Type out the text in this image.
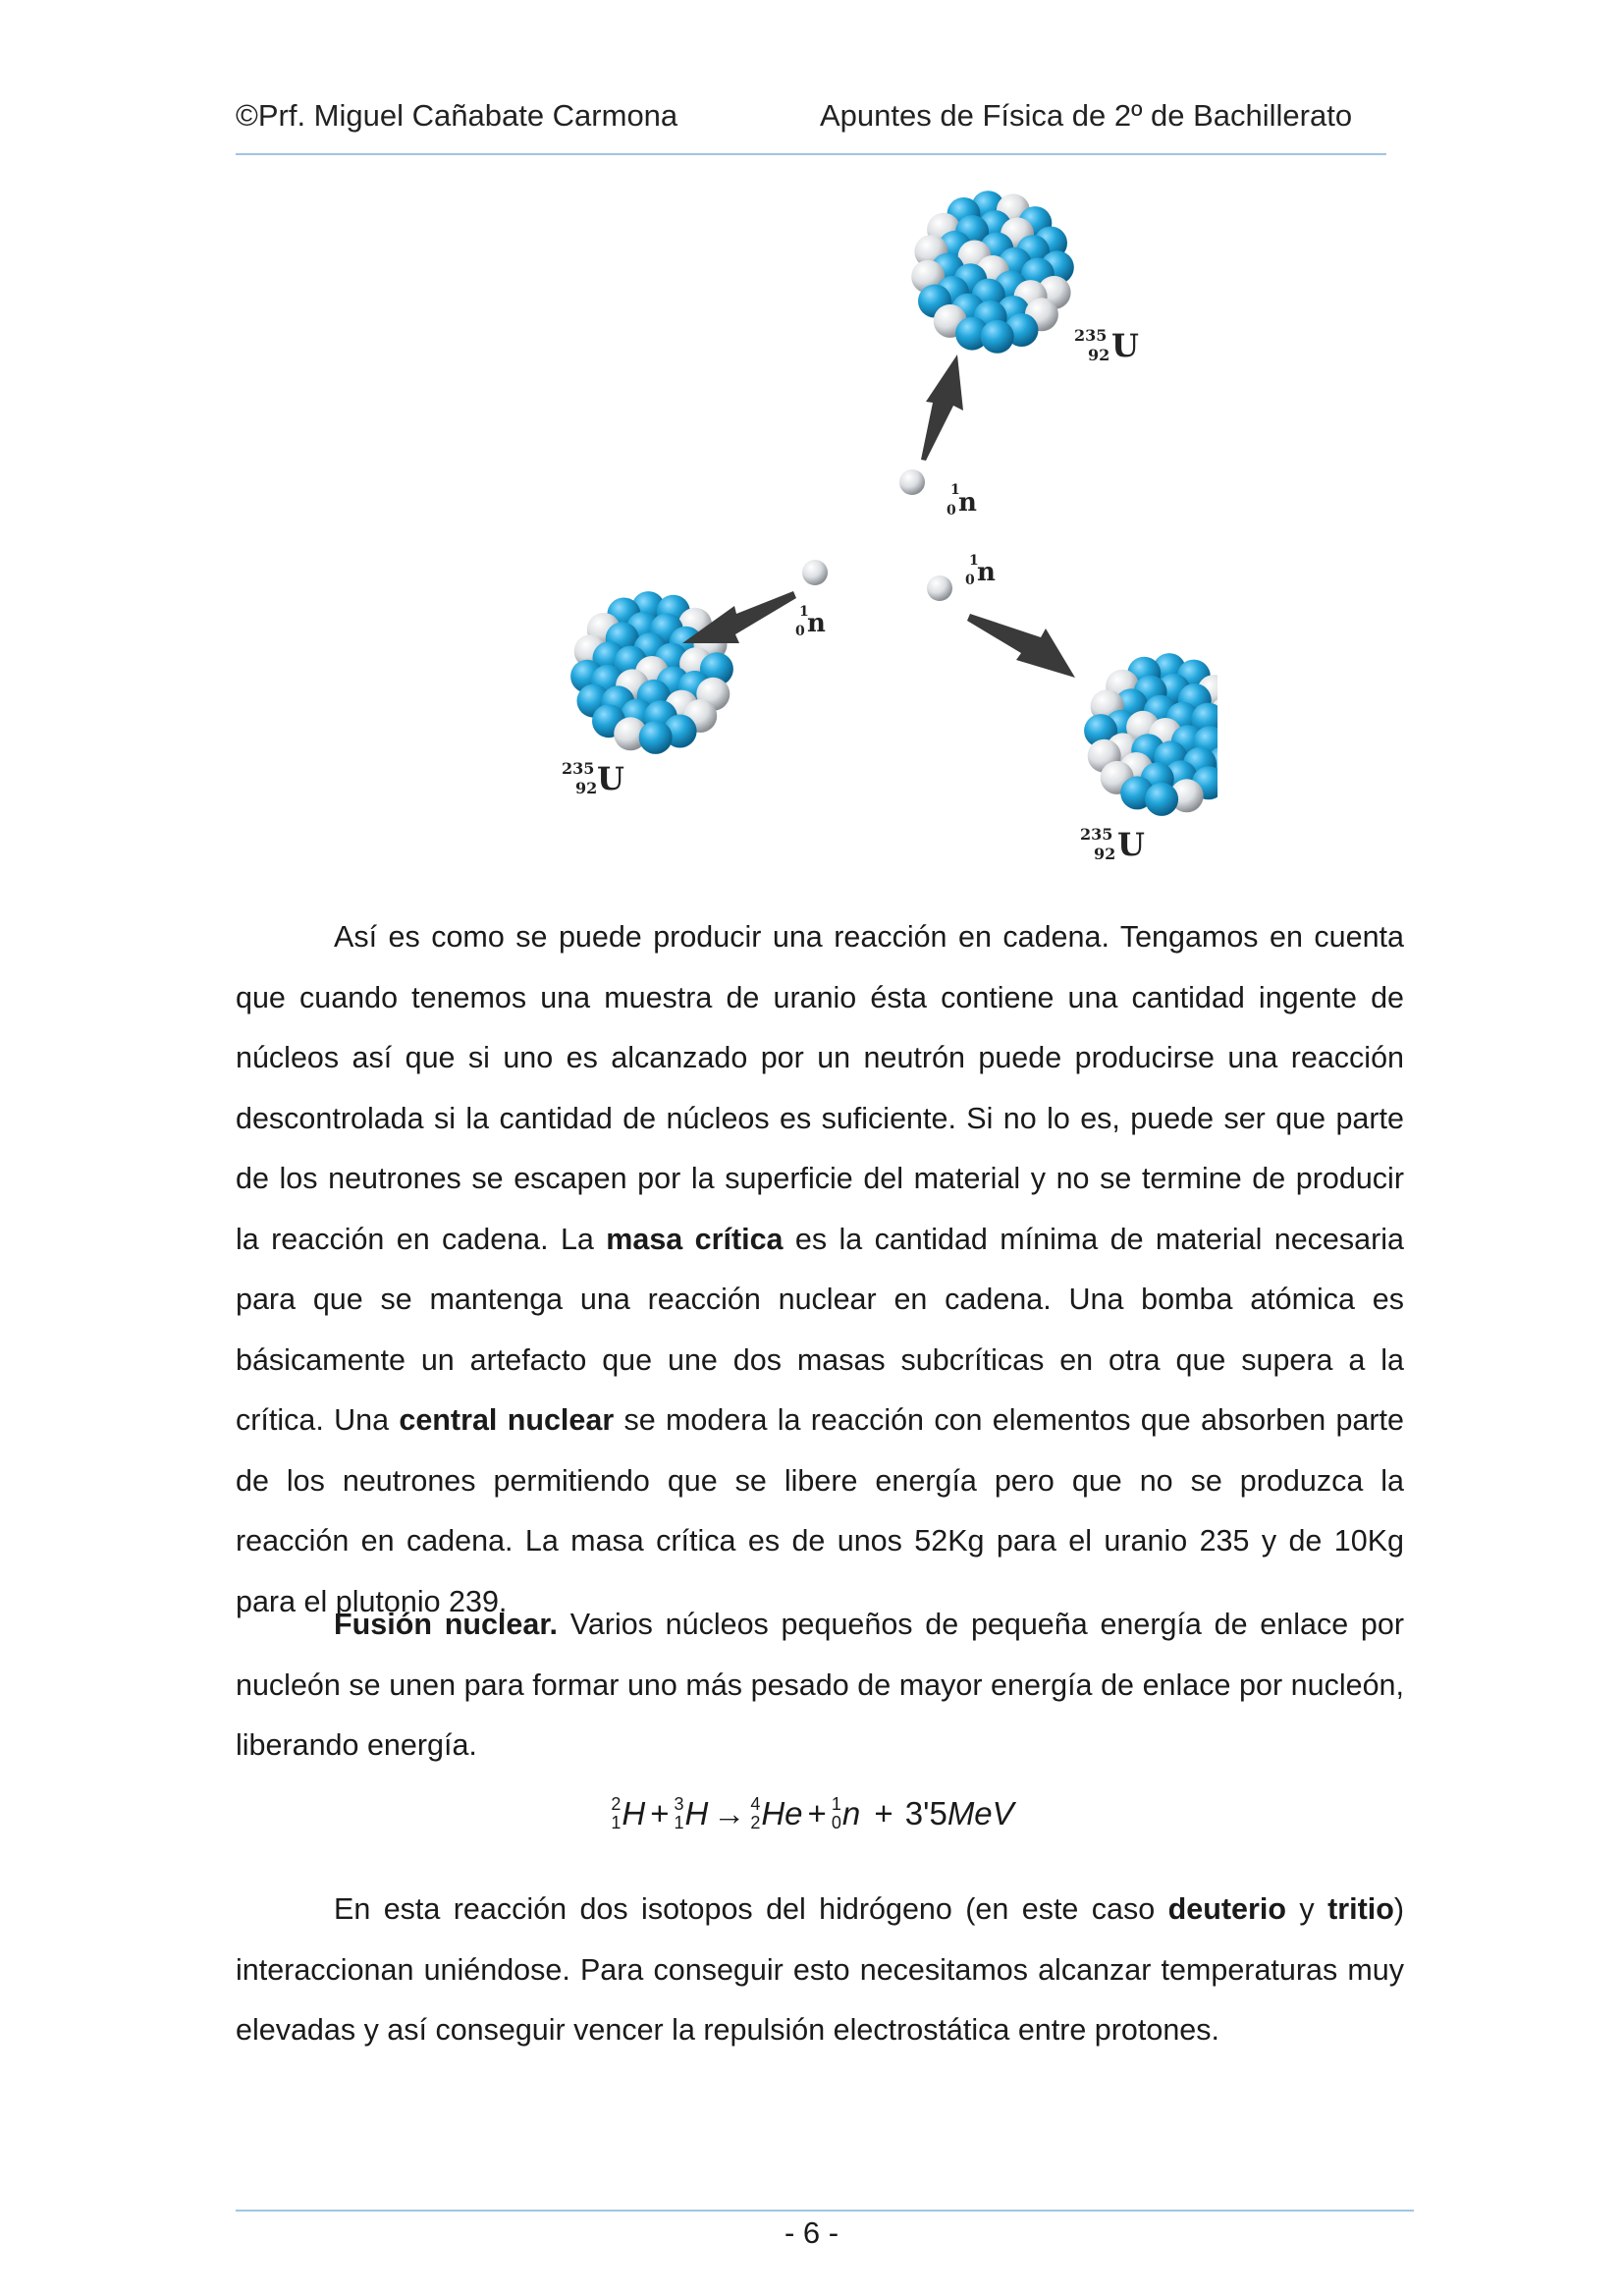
©Prf. Miguel Cañabate Carmona	Apuntes de Física de 2º de Bachillerato
1
0 n
1
0 n
1
0 n
235
92 U
235
92 U
235
92 U

Así es como se puede producir una reacción en cadena. Tengamos en cuenta que cuando tenemos una muestra de uranio ésta contiene una cantidad ingente de núcleos así que si uno es alcanzado por un neutrón puede producirse una reacción descontrolada si la cantidad de núcleos es suficiente. Si no lo es, puede ser que parte de los neutrones se escapen por la superficie del material y no se termine de producir la reacción en cadena. La masa crítica es la cantidad mínima de material necesaria para que se mantenga una reacción nuclear en cadena. Una bomba atómica es básicamente un artefacto que une dos masas subcríticas en otra que supera a la crítica. Una central nuclear se modera la reacción con elementos que absorben parte de los neutrones permitiendo que se libere energía pero que no se produzca la reacción en cadena. La masa crítica es de unos 52Kg para el uranio 235 y de 10Kg para el plutonio 239.

Fusión nuclear. Varios núcleos pequeños de pequeña energía de enlace por nucleón se unen para formar uno más pesado de mayor energía de enlace por nucleón, liberando energía.

2
1 H + 3
1 H → 4
2 He + 1
0 n + 3'5MeV

En esta reacción dos isotopos del hidrógeno (en este caso deuterio y tritio) interaccionan uniéndose. Para conseguir esto necesitamos alcanzar temperaturas muy elevadas y así conseguir vencer la repulsión electrostática entre protones.

- 6 -
